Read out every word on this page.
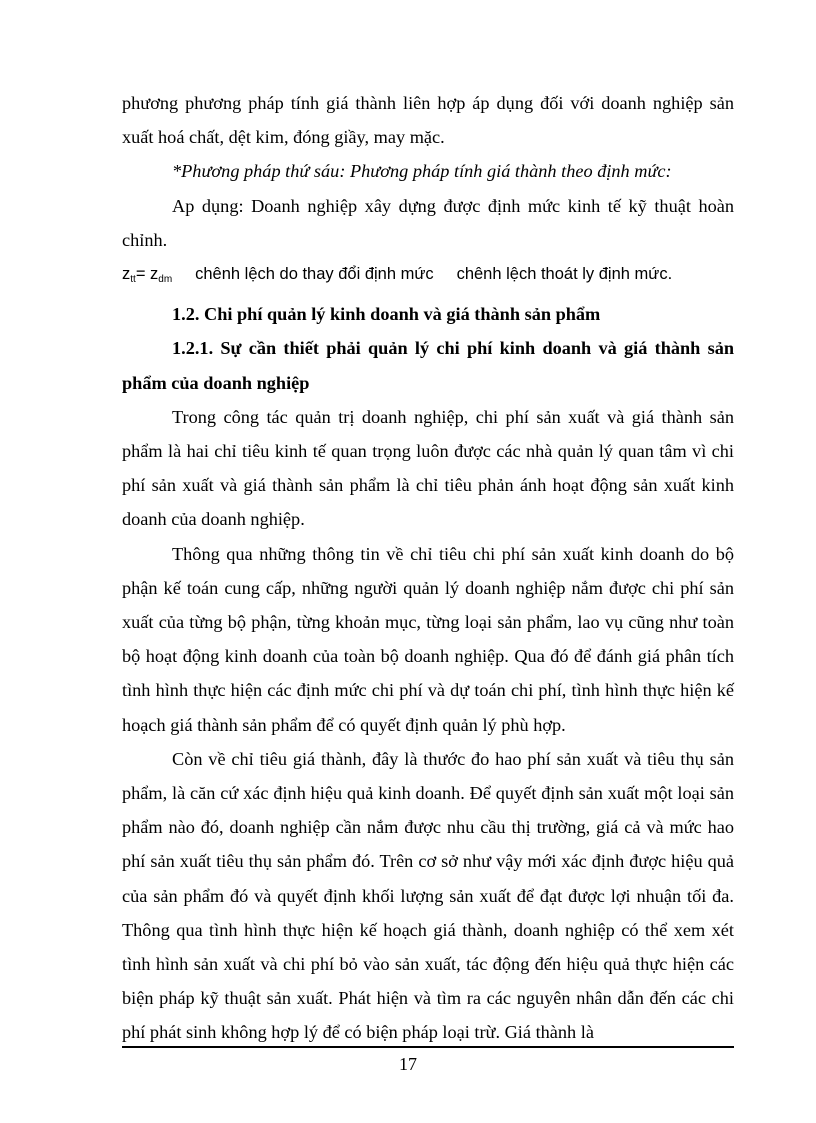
phương phương pháp tính giá thành liên hợp áp dụng đối với doanh nghiệp sản xuất hoá chất, dệt kim, đóng giầy, may mặc.

*Phương pháp thứ sáu: Phương pháp tính giá thành theo định mức:

Ap dụng: Doanh nghiệp xây dựng được định mức kinh tế kỹ thuật hoàn chỉnh.

$z_{tt}= z_{dm}$ chênh lệch do thay đổi định mức chênh lệch thoát ly định mức.

1.2. Chi phí quản lý kinh doanh và giá thành sản phẩm

1.2.1. Sự cần thiết phải quản lý chi phí kinh doanh và giá thành sản phẩm của doanh nghiệp

Trong công tác quản trị doanh nghiệp, chi phí sản xuất và giá thành sản phẩm là hai chỉ tiêu kinh tế quan trọng luôn được các nhà quản lý quan tâm vì chi phí sản xuất và giá thành sản phẩm là chỉ tiêu phản ánh hoạt động sản xuất kinh doanh của doanh nghiệp.

Thông qua những thông tin về chỉ tiêu chi phí sản xuất kinh doanh do bộ phận kế toán cung cấp, những người quản lý doanh nghiệp nắm được chi phí sản xuất của từng bộ phận, từng khoản mục, từng loại sản phẩm, lao vụ cũng như toàn bộ hoạt động kinh doanh của toàn bộ doanh nghiệp. Qua đó để đánh giá phân tích tình hình thực hiện các định mức chi phí và dự toán chi phí, tình hình thực hiện kế hoạch giá thành sản phẩm để có quyết định quản lý phù hợp.

Còn về chỉ tiêu giá thành, đây là thước đo hao phí sản xuất và tiêu thụ sản phẩm, là căn cứ xác định hiệu quả kinh doanh. Để quyết định sản xuất một loại sản phẩm nào đó, doanh nghiệp cần nắm được nhu cầu thị trường, giá cả và mức hao phí sản xuất tiêu thụ sản phẩm đó. Trên cơ sở như vậy mới xác định được hiệu quả của sản phẩm đó và quyết định khối lượng sản xuất để đạt được lợi nhuận tối đa. Thông qua tình hình thực hiện kế hoạch giá thành, doanh nghiệp có thể xem xét tình hình sản xuất và chi phí bỏ vào sản xuất, tác động đến hiệu quả thực hiện các biện pháp kỹ thuật sản xuất. Phát hiện và tìm ra các nguyên nhân dẫn đến các chi phí phát sinh không hợp lý để có biện pháp loại trừ. Giá thành là

17
